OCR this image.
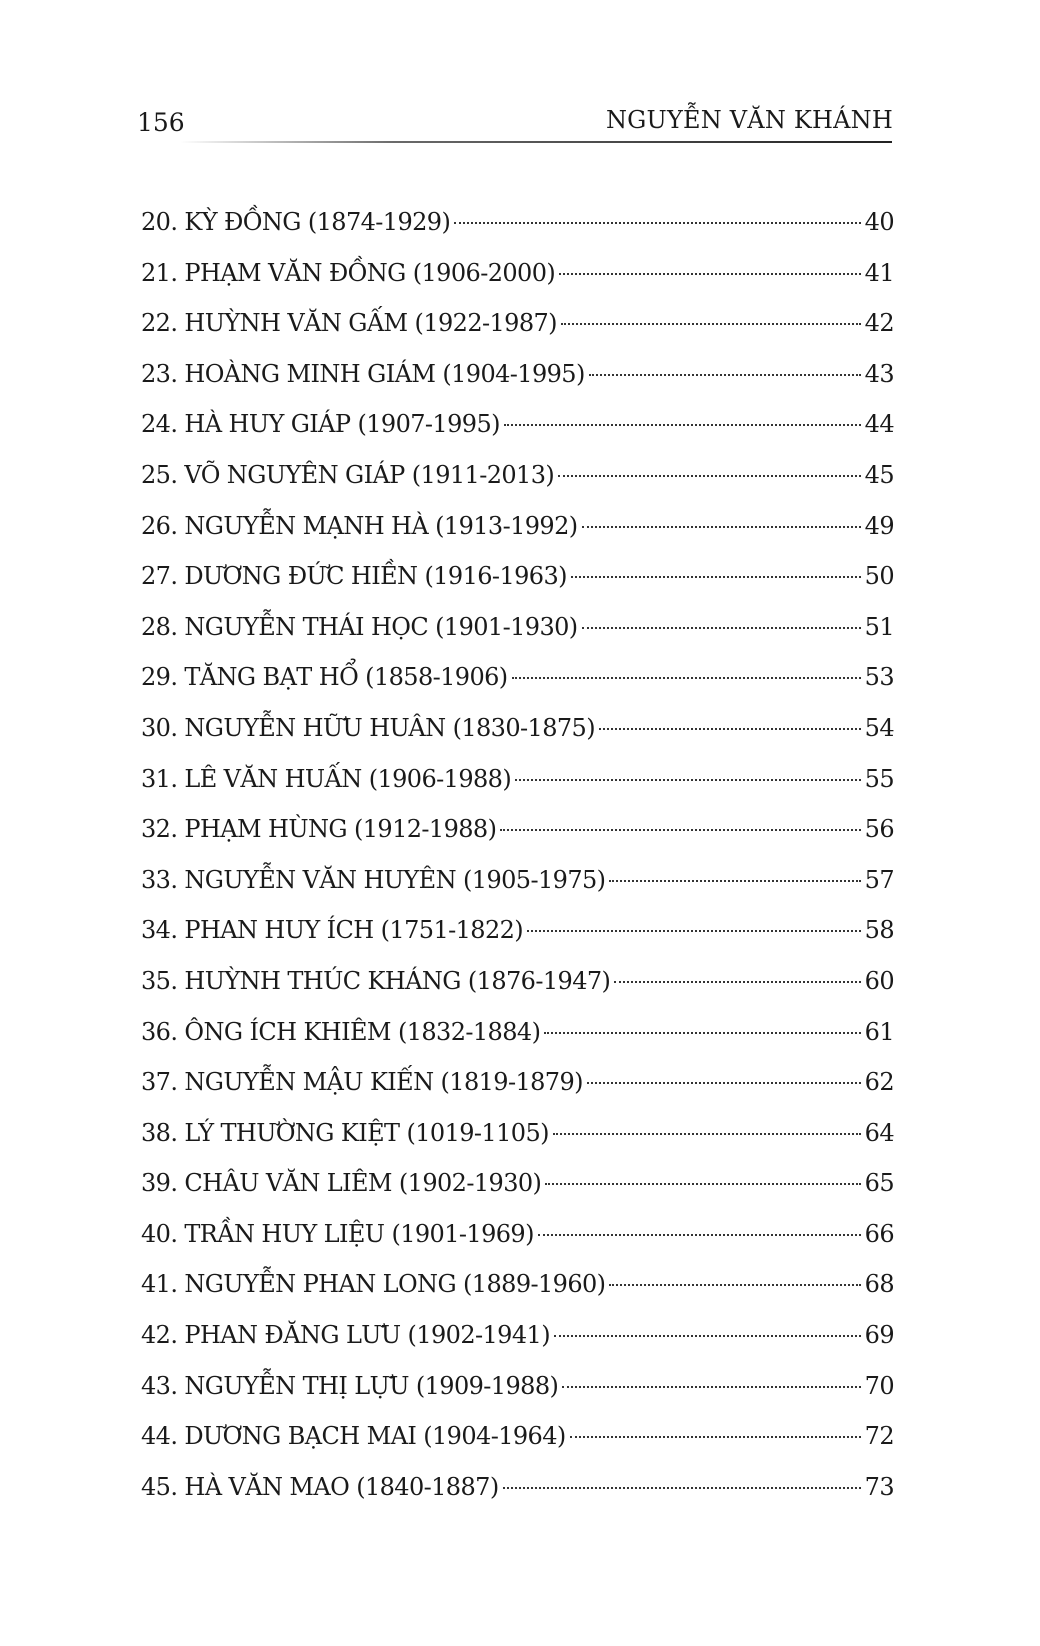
156	NGUYỄN VĂN KHÁNH
20. KỲ ĐỒNG (1874-1929)	40
21. PHẠM VĂN ĐỒNG (1906-2000)	41
22. HUỲNH VĂN GẤM (1922-1987)	42
23. HOÀNG MINH GIÁM (1904-1995)	43
24. HÀ HUY GIÁP (1907-1995)	44
25. VÕ NGUYÊN GIÁP (1911-2013)	45
26. NGUYỄN MẠNH HÀ (1913-1992)	49
27. DƯƠNG ĐỨC HIỀN (1916-1963)	50
28. NGUYỄN THÁI HỌC (1901-1930)	51
29. TĂNG BẠT HỔ (1858-1906)	53
30. NGUYỄN HỮU HUÂN (1830-1875)	54
31. LÊ VĂN HUẤN (1906-1988)	55
32. PHẠM HÙNG (1912-1988)	56
33. NGUYỄN VĂN HUYÊN (1905-1975)	57
34. PHAN HUY ÍCH (1751-1822)	58
35. HUỲNH THÚC KHÁNG (1876-1947)	60
36. ÔNG ÍCH KHIÊM (1832-1884)	61
37. NGUYỄN MẬU KIẾN (1819-1879)	62
38. LÝ THƯỜNG KIỆT (1019-1105)	64
39. CHÂU VĂN LIÊM (1902-1930)	65
40. TRẦN HUY LIỆU (1901-1969)	66
41. NGUYỄN PHAN LONG (1889-1960)	68
42. PHAN ĐĂNG LƯU (1902-1941)	69
43. NGUYỄN THỊ LỰU (1909-1988)	70
44. DƯƠNG BẠCH MAI (1904-1964)	72
45. HÀ VĂN MAO (1840-1887)	73
